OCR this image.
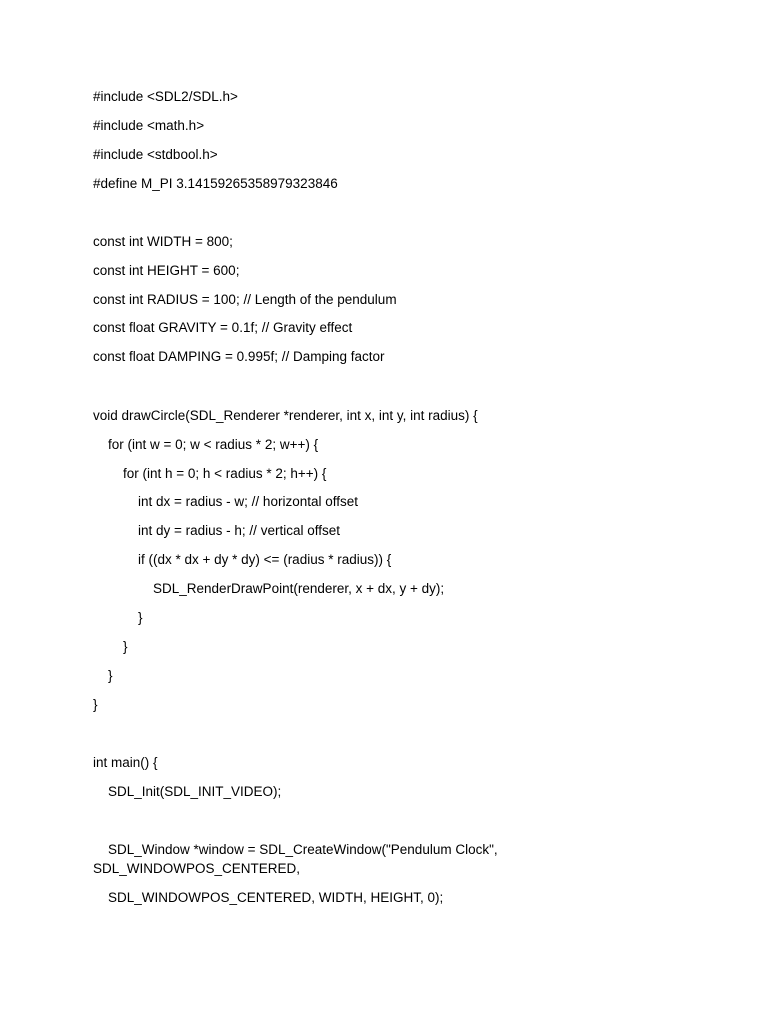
#include <SDL2/SDL.h>
#include <math.h>
#include <stdbool.h>
#define M_PI 3.14159265358979323846
const int WIDTH = 800;
const int HEIGHT = 600;
const int RADIUS = 100; // Length of the pendulum
const float GRAVITY = 0.1f; // Gravity effect
const float DAMPING = 0.995f; // Damping factor
void drawCircle(SDL_Renderer *renderer, int x, int y, int radius) {
for (int w = 0; w < radius * 2; w++) {
for (int h = 0; h < radius * 2; h++) {
int dx = radius - w; // horizontal offset
int dy = radius - h; // vertical offset
if ((dx * dx + dy * dy) <= (radius * radius)) {
SDL_RenderDrawPoint(renderer, x + dx, y + dy);
}
}
}
}
int main() {
SDL_Init(SDL_INIT_VIDEO);
SDL_Window *window = SDL_CreateWindow("Pendulum Clock",
SDL_WINDOWPOS_CENTERED,
SDL_WINDOWPOS_CENTERED, WIDTH, HEIGHT, 0);
